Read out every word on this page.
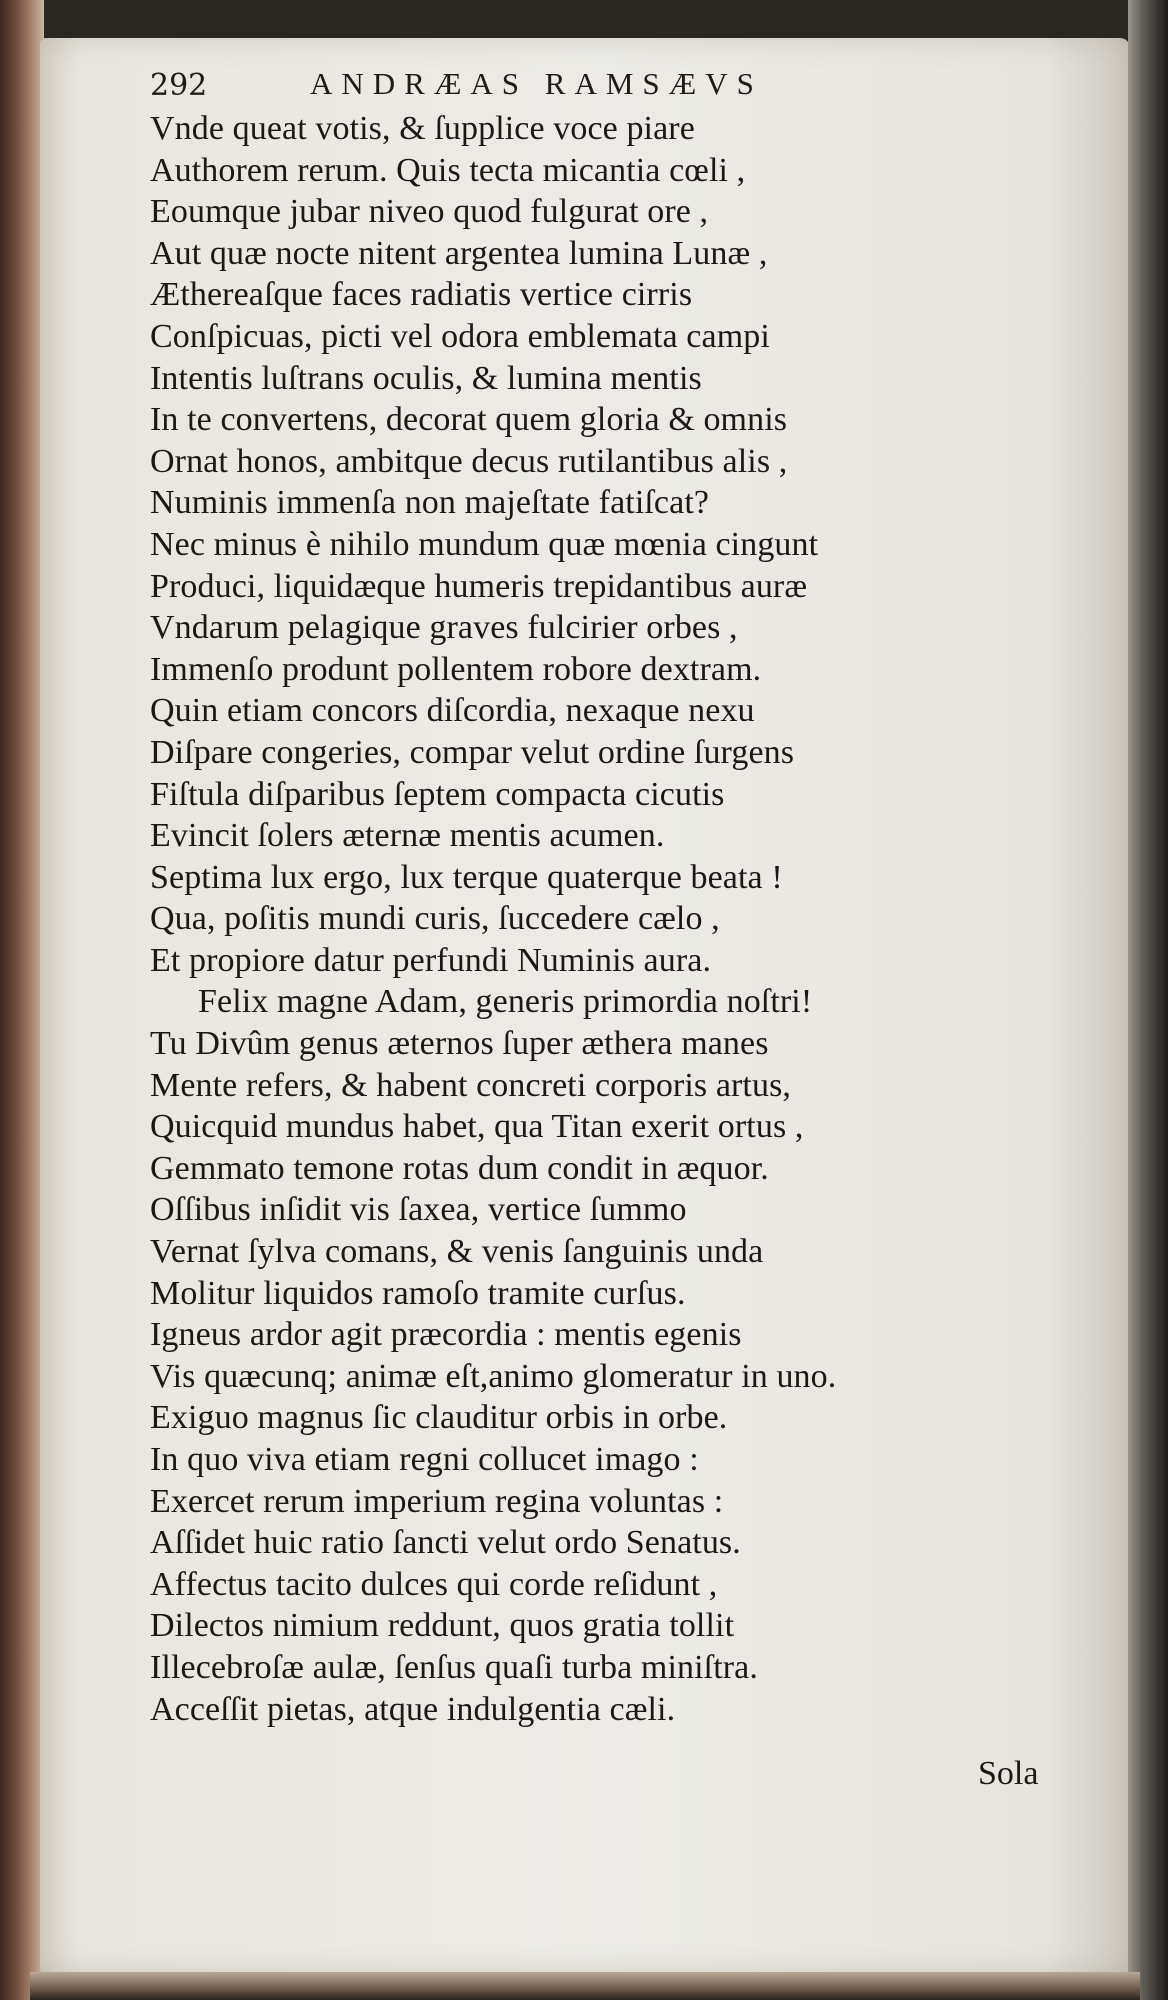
292	ANDRÆAS RAMSÆVS
Vnde queat votis, & ſupplice voce piare
Authorem rerum. Quis tecta micantia cœli ,
Eoumque jubar niveo quod fulgurat ore ,
Aut quæ nocte nitent argentea lumina Lunæ ,
Æthereaſque faces radiatis vertice cirris
Conſpicuas, picti vel odora emblemata campi
Intentis luſtrans oculis, & lumina mentis
In te convertens, decorat quem gloria & omnis
Ornat honos, ambitque decus rutilantibus alis ,
Numinis immenſa non majeſtate fatiſcat?
Nec minus è nihilo mundum quæ mœnia cingunt
Produci, liquidæque humeris trepidantibus auræ
Vndarum pelagique graves fulcirier orbes ,
Immenſo produnt pollentem robore dextram.
Quin etiam concors diſcordia, nexaque nexu
Diſpare congeries, compar velut ordine ſurgens
Fiſtula diſparibus ſeptem compacta cicutis
Evincit ſolers æternæ mentis acumen.
Septima lux ergo, lux terque quaterque beata !
Qua, poſitis mundi curis, ſuccedere cælo ,
Et propiore datur perfundi Numinis aura.
Felix magne Adam, generis primordia noſtri!
Tu Divûm genus æternos ſuper æthera manes
Mente refers, & habent concreti corporis artus,
Quicquid mundus habet, qua Titan exerit ortus ,
Gemmato temone rotas dum condit in æquor.
Oſſibus inſidit vis ſaxea, vertice ſummo
Vernat ſylva comans, & venis ſanguinis unda
Molitur liquidos ramoſo tramite curſus.
Igneus ardor agit præcordia : mentis egenis
Vis quæcunq; animæ eſt,animo glomeratur in uno.
Exiguo magnus ſic clauditur orbis in orbe.
In quo viva etiam regni collucet imago :
Exercet rerum imperium regina voluntas :
Aſſidet huic ratio ſancti velut ordo Senatus.
Affectus tacito dulces qui corde reſidunt ,
Dilectos nimium reddunt, quos gratia tollit
Illecebroſæ aulæ, ſenſus quaſi turba miniſtra.
Acceſſit pietas, atque indulgentia cæli.
Sola
